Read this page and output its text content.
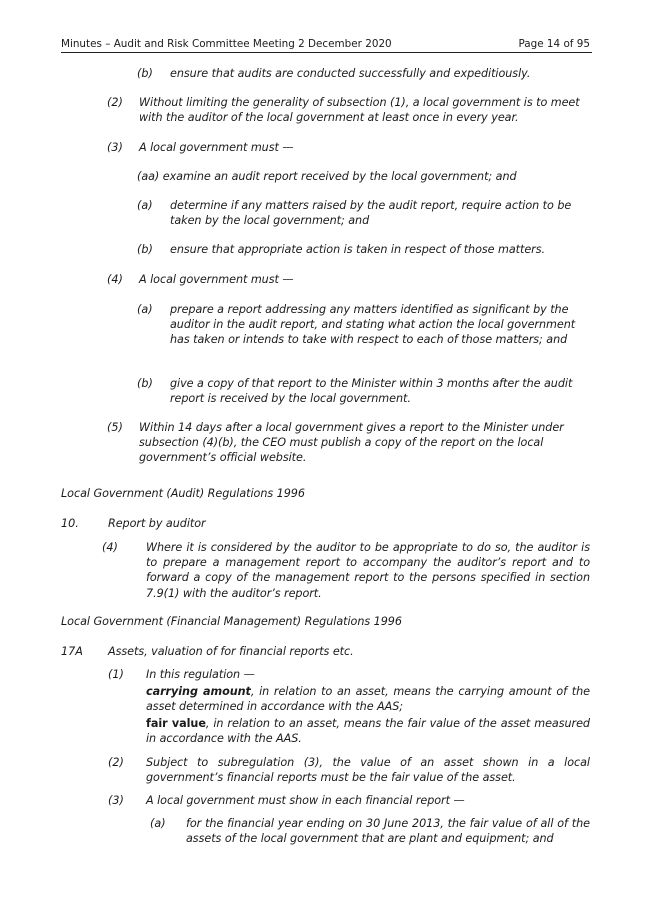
Minutes – Audit and Risk Committee Meeting 2 December 2020	Page 14 of 95
(b) ensure that audits are conducted successfully and expeditiously.

(2) Without limiting the generality of subsection (1), a local government is to meet with the auditor of the local government at least once in every year.

(3) A local government must —

(aa) examine an audit report received by the local government; and

(a) determine if any matters raised by the audit report, require action to be taken by the local government; and

(b) ensure that appropriate action is taken in respect of those matters.

(4) A local government must —

(a) prepare a report addressing any matters identified as significant by the auditor in the audit report, and stating what action the local government has taken or intends to take with respect to each of those matters; and

(b) give a copy of that report to the Minister within 3 months after the audit report is received by the local government.

(5) Within 14 days after a local government gives a report to the Minister under subsection (4)(b), the CEO must publish a copy of the report on the local government’s official website.

Local Government (Audit) Regulations 1996

10.	Report by auditor

(4)	Where it is considered by the auditor to be appropriate to do so, the auditor is to prepare a management report to accompany the auditor’s report and to forward a copy of the management report to the persons specified in section 7.9(1) with the auditor’s report.

Local Government (Financial Management) Regulations 1996

17A Assets, valuation of for financial reports etc.

(1) In this regulation —

carrying amount, in relation to an asset, means the carrying amount of the asset determined in accordance with the AAS;

fair value, in relation to an asset, means the fair value of the asset measured in accordance with the AAS.

(2) Subject to subregulation (3), the value of an asset shown in a local government’s financial reports must be the fair value of the asset.

(3) A local government must show in each financial report —

(a) for the financial year ending on 30 June 2013, the fair value of all of the assets of the local government that are plant and equipment; and
